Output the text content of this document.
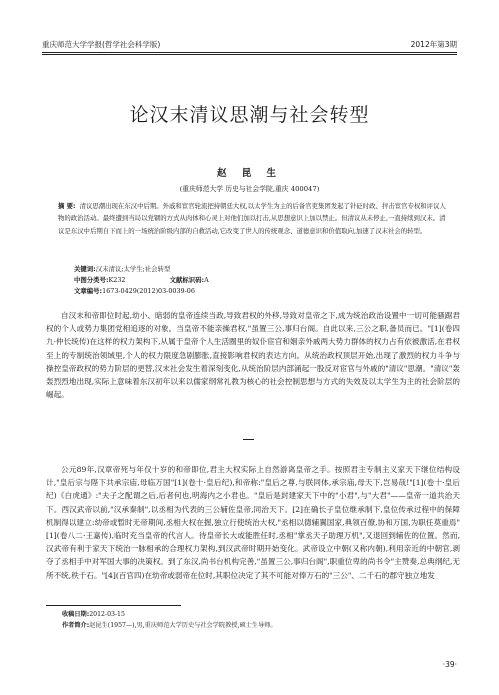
重庆师范大学学报(哲学社会科学版)	2012年第3期
论汉末清议思潮与社会转型
赵 昆 生
(重庆师范大学 历史与社会学院,重庆 400047)
摘 要: 清议思潮出现在东汉中后期。外戚和宦官轮流把持朝廷大权,以太学生为主的后备官吏集团发起了针砭时政、抨击宦官专权和评议人物的政治活动。最终遭到当局以党锢的方式从肉体和心灵上对他们加以打击,从思想意识上加以禁止。但清议从未停止,一直持续到汉末。清议是东汉中后期自下而上的一场统治阶级内部的自救活动,它改变了世人的传统观念、道德意识和价值取向,加速了汉末社会的转型。
关键词:汉末清议;太学生;社会转型
中图分类号:K232	文献标识码:A
文章编号:1673-0429(2012)03-0039-06
自汉末和帝即位时起,幼小、暗弱的皇帝连续当政,导致君权的外移,导致对皇帝之下,成为统治政治设置中一切可能骚踞君权的个人或势力集团党相追逐的对象。当皇帝不能亲操君权,"虽置三公,事归台阁。自此以来,三公之职,备员而已。"[1](卷四九·仲长统传)在这样的权力架构下,从属于皇帝个人生活圈里的奴仆宦官和姻亲外戚两大势力群体的权力占有依被激活,在君权至上的专制统治领域里,个人的权力限度急剧膨胀,直接影响君权的表达方向。从统治政权顶层开始,出现了激烈的权力斗争与操控皇帝政权的势力阶层的更替,汉末社会发生着深刻变化,从统治阶层内部涌起一股反对宦官与外戚的"清议"思潮。"清议"轰轰烈烈地出现,实际上意味着东汉初年以来以儒家纲常礼教为核心的社会控制思想与方式的失效及以太学生为主的社会阶层的崛起。
公元89年,汉章帝死与年仅十岁的和帝即位,君主大权实际上自然游离皇帝之手。按照君主专制主义家天下继位结构设计,"皇后宗与陛下共承宗庙,母临万国"[1](卷十·皇后纪),和帝称:"皇后之尊,与朕同体,承宗庙,母天下,岂易哉!"[1](卷十·皇后纪)《白虎通》:"夫子之配谓之后,后者何也,明海内之小君也。"皇后是封建家天下中的"小君",与"大君"——皇帝一道共治天下。西汉武帝以前,"汉承秦制",以丞相为代表的三公辅佐皇帝,同治天下。[2]在确长子皇位继承制下,皇位传承过程中的保障机制得以建立:幼帝或暂时无帝期间,丞相大权在握,独立行使统治大权,"丞相以德辅翼国家,典领百僚,协和万国,为职任莫重焉"[1](卷八二·王嘉传),临时充当皇帝的代言人。待皇帝长大或能胜任时,丞相"掌丞天子助理万机",又退回到辅佐的位置。然而,汉武帝有利于家天下统治一脉相承的合理权力架构,到汉武帝时期开始变化。武帝设立中朝(又称内朝),利用亲近的中朝官,剥夺了丞相手中对军国大事的决策权。到了东汉,尚书台机构完善,"虽置三公,事归台阁",职重位卑的尚书令"主赞奏,总典纲纪,无所不统,秩千石。"[4](百官四)在幼帝或弱帝在位时,其职位决定了其不可能对俸万石的"三公"、二千石的郡守独立地发
收稿日期:2012-03-15
作者简介:赵昆生(1957—),男,重庆师范大学历史与社会学院教授,硕士生导师。
·39·
